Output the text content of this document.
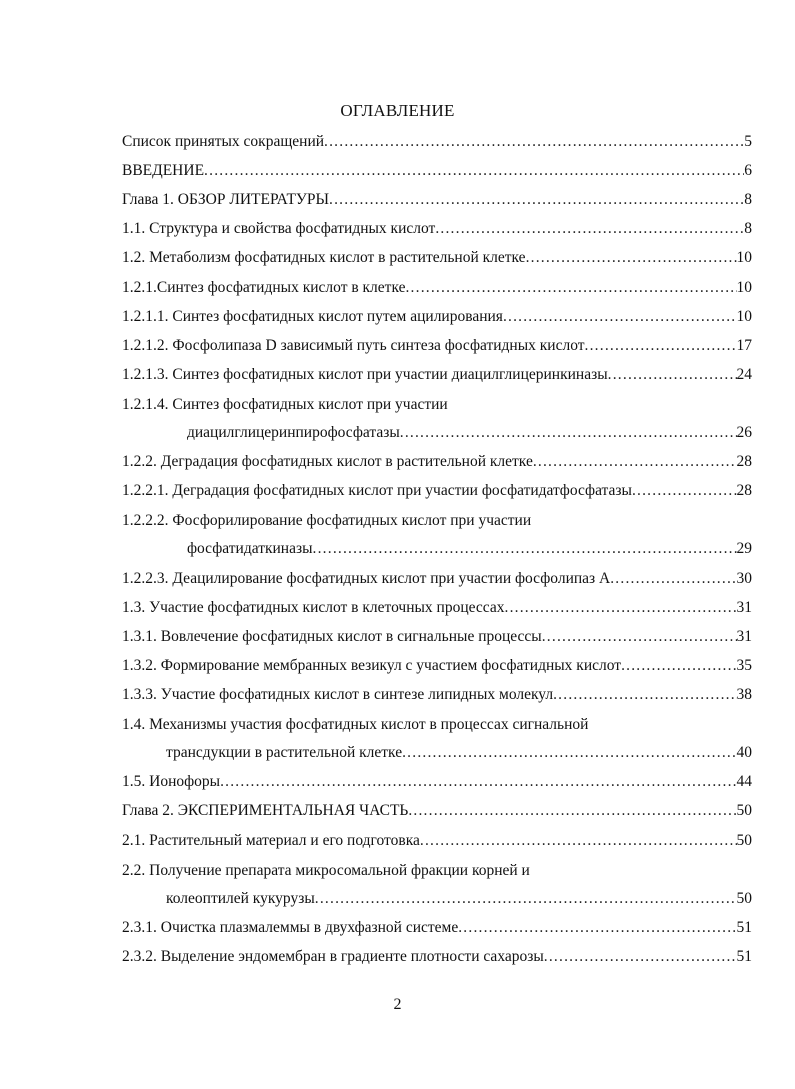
ОГЛАВЛЕНИЕ
Список принятых сокращений .....	5
ВВЕДЕНИЕ .....	6
Глава 1. ОБЗОР ЛИТЕРАТУРЫ .....	8
1.1. Структура и свойства фосфатидных кислот .....	8
1.2. Метаболизм фосфатидных кислот в растительной клетке .....	10
1.2.1.Синтез фосфатидных кислот в клетке .....	10
1.2.1.1. Синтез фосфатидных кислот путем ацилирования .....	10
1.2.1.2. Фосфолипаза D зависимый путь синтеза фосфатидных кислот .....	17
1.2.1.3. Синтез фосфатидных кислот при участии диацилглицеринкиназы .....	24
1.2.1.4. Синтез фосфатидных кислот при участии
диацилглицеринпирофосфатазы .....	26
1.2.2. Деградация фосфатидных кислот в растительной клетке .....	28
1.2.2.1. Деградация фосфатидных кислот при участии фосфатидатфосфатазы .....	28
1.2.2.2. Фосфорилирование фосфатидных кислот при участии
фосфатидаткиназы .....	29
1.2.2.3. Деацилирование фосфатидных кислот при участии фосфолипаз А .....	30
1.3. Участие фосфатидных кислот в клеточных процессах .....	31
1.3.1. Вовлечение фосфатидных кислот в сигнальные процессы .....	31
1.3.2. Формирование мембранных везикул с участием фосфатидных кислот .....	35
1.3.3. Участие фосфатидных кислот в синтезе липидных молекул .....	38
1.4. Механизмы участия фосфатидных кислот в процессах сигнальной
трансдукции в растительной клетке .....	40
1.5. Ионофоры .....	44
Глава 2. ЭКСПЕРИМЕНТАЛЬНАЯ ЧАСТЬ .....	50
2.1. Растительный материал и его подготовка .....	50
2.2. Получение препарата микросомальной фракции корней и
колеоптилей кукурузы .....	50
2.3.1. Очистка плазмалеммы в двухфазной системе .....	51
2.3.2. Выделение эндомембран в градиенте плотности сахарозы .....	51
2
